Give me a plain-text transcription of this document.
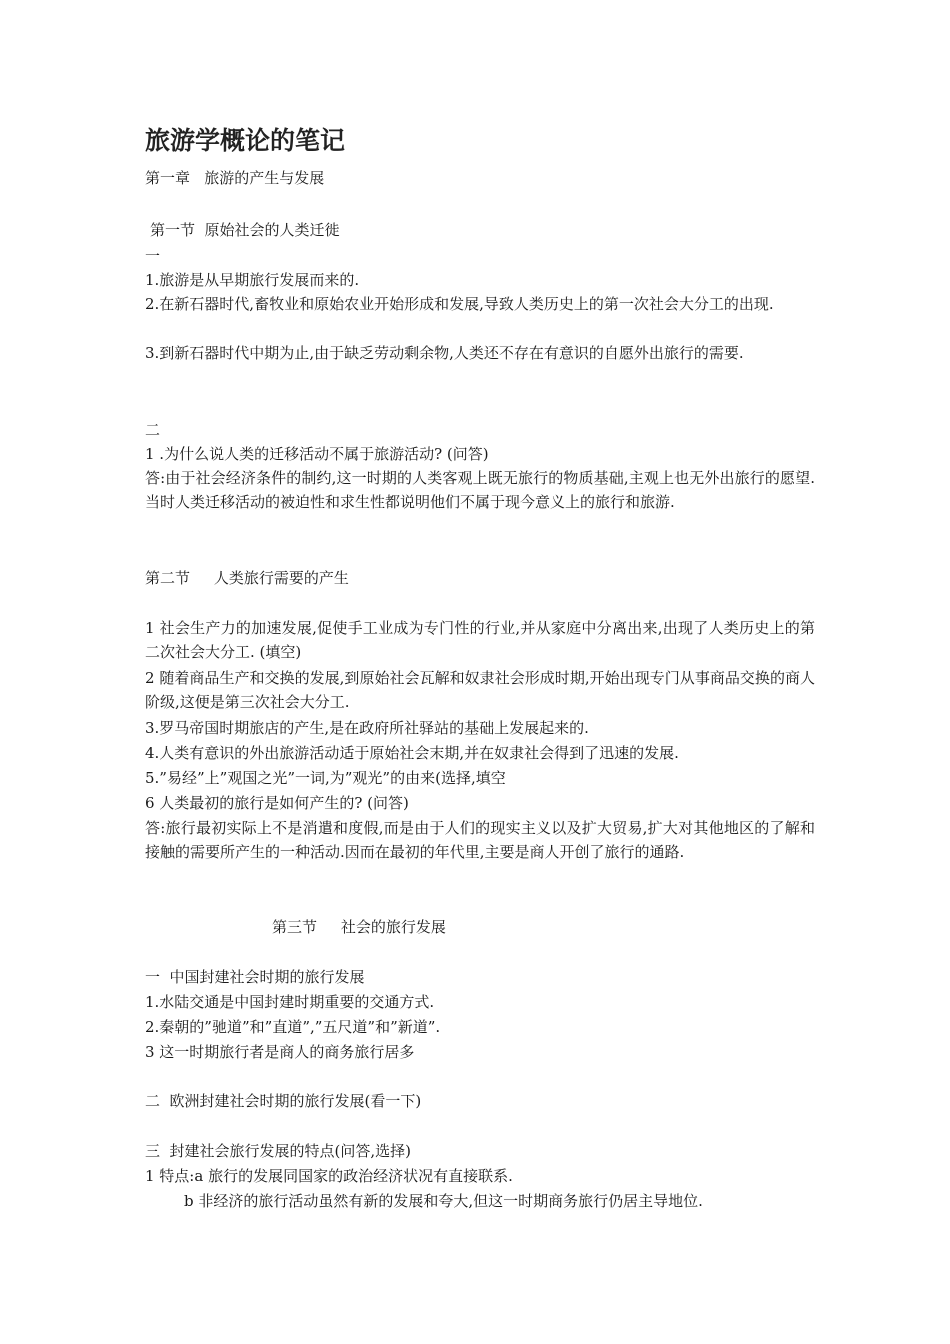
旅游学概论的笔记
第一章   旅游的产生与发展
第一节  原始社会的人类迁徙
一
1.旅游是从早期旅行发展而来的.
2.在新石器时代,畜牧业和原始农业开始形成和发展,导致人类历史上的第一次社会大分工的出现.
3.到新石器时代中期为止,由于缺乏劳动剩余物,人类还不存在有意识的自愿外出旅行的需要.
二
1 .为什么说人类的迁移活动不属于旅游活动? (问答)
答:由于社会经济条件的制约,这一时期的人类客观上既无旅行的物质基础,主观上也无外出旅行的愿望.当时人类迁移活动的被迫性和求生性都说明他们不属于现今意义上的旅行和旅游.
第二节     人类旅行需要的产生
1 社会生产力的加速发展,促使手工业成为专门性的行业,并从家庭中分离出来,出现了人类历史上的第二次社会大分工. (填空)
2 随着商品生产和交换的发展,到原始社会瓦解和奴隶社会形成时期,开始出现专门从事商品交换的商人阶级,这便是第三次社会大分工.
3.罗马帝国时期旅店的产生,是在政府所社驿站的基础上发展起来的.
4.人类有意识的外出旅游活动适于原始社会末期,并在奴隶社会得到了迅速的发展.
5.”易经”上”观国之光”一词,为”观光”的由来(选择,填空
6 人类最初的旅行是如何产生的? (问答)
答:旅行最初实际上不是消遣和度假,而是由于人们的现实主义以及扩大贸易,扩大对其他地区的了解和接触的需要所产生的一种活动.因而在最初的年代里,主要是商人开创了旅行的通路.
第三节     社会的旅行发展
一  中国封建社会时期的旅行发展
1.水陆交通是中国封建时期重要的交通方式.
2.秦朝的”驰道”和”直道”,”五尺道”和”新道”.
3 这一时期旅行者是商人的商务旅行居多
二  欧洲封建社会时期的旅行发展(看一下)
三  封建社会旅行发展的特点(问答,选择)
1 特点:a 旅行的发展同国家的政治经济状况有直接联系.
b 非经济的旅行活动虽然有新的发展和夸大,但这一时期商务旅行仍居主导地位.
